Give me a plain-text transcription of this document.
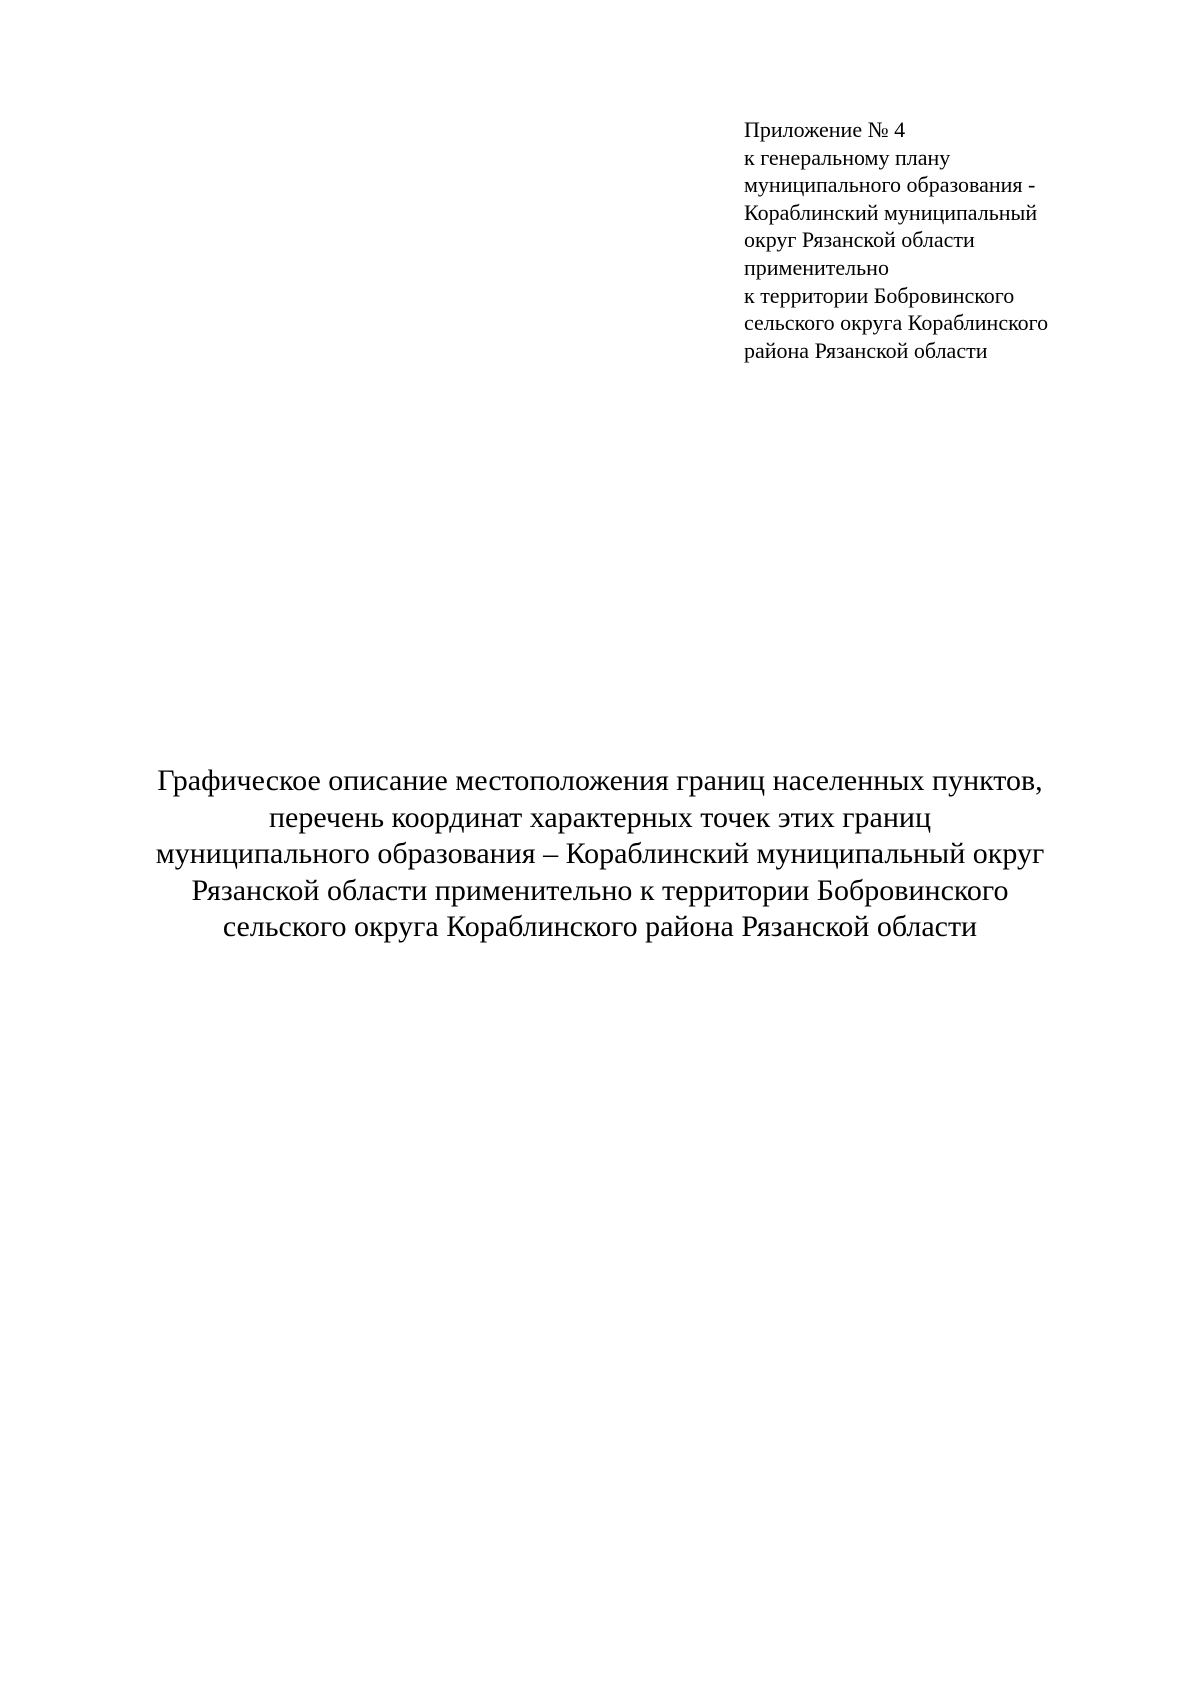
Приложение № 4
к генеральному плану
муниципального образования -
Кораблинский муниципальный
округ Рязанской области
применительно
к территории Бобровинского
сельского округа Кораблинского
района Рязанской области
Графическое описание местоположения границ населенных пунктов,
перечень координат характерных точек этих границ
муниципального образования – Кораблинский муниципальный округ
Рязанской области применительно к территории Бобровинского
сельского округа Кораблинского района Рязанской области
